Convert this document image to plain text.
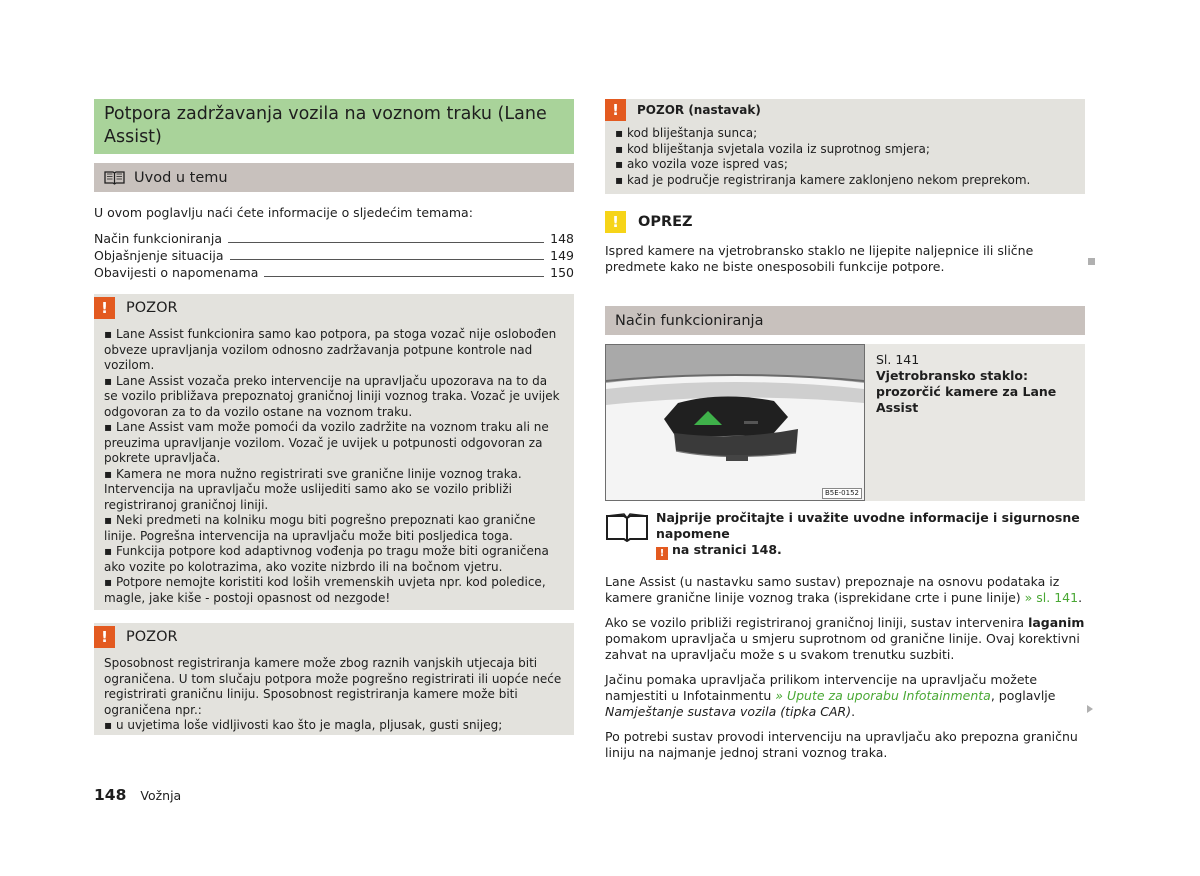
Potpora zadržavanja vozila na voznom traku (Lane Assist)
Uvod u temu
U ovom poglavlju naći ćete informacije o sljedećim temama:
Način funkcioniranja	148
Objašnjenje situacija	149
Obavijesti o napomenama	150
!	POZOR

▪ Lane Assist funkcionira samo kao potpora, pa stoga vozač nije oslobođen obveze upravljanja vozilom odnosno zadržavanja potpune kontrole nad vozilom.

▪ Lane Assist vozača preko intervencije na upravljaču upozorava na to da se vozilo približava prepoznatoj graničnoj liniji voznog traka. Vozač je uvijek odgovoran za to da vozilo ostane na voznom traku.

▪ Lane Assist vam može pomoći da vozilo zadržite na voznom traku ali ne preuzima upravljanje vozilom. Vozač je uvijek u potpunosti odgovoran za pokrete upravljača.

▪ Kamera ne mora nužno registrirati sve granične linije voznog traka. Intervencija na upravljaču može uslijediti samo ako se vozilo približi registriranoj graničnoj liniji.

▪ Neki predmeti na kolniku mogu biti pogrešno prepoznati kao granične linije. Pogrešna intervencija na upravljaču može biti posljedica toga.

▪ Funkcija potpore kod adaptivnog vođenja po tragu može biti ograničena ako vozite po kolotrazima, ako vozite nizbrdo ili na bočnom vjetru.

▪ Potpore nemojte koristiti kod loših vremenskih uvjeta npr. kod poledice, magle, jake kiše - postoji opasnost od nezgode!

!	POZOR

Sposobnost registriranja kamere može zbog raznih vanjskih utjecaja biti ograničena. U tom slučaju potpora može pogrešno registrirati ili uopće neće registrirati graničnu liniju. Sposobnost registriranja kamere može biti ograničena npr.:

▪ u uvjetima loše vidljivosti kao što je magla, pljusak, gusti snijeg;

148 Vožnja
!	POZOR (nastavak)
▪ kod bliještanja sunca;
▪ kod bliještanja svjetala vozila iz suprotnog smjera;
▪ ako vozila voze ispred vas;
▪ kad je područje registriranja kamere zaklonjeno nekom preprekom.
!	OPREZ
Ispred kamere na vjetrobransko staklo ne lijepite naljepnice ili slične predmete kako ne biste onesposobili funkcije potpore.
Način funkcioniranja
B5E-0152
Sl. 141
Vjetrobransko staklo: prozorčić kamere za Lane Assist
Najprije pročitajte i uvažite uvodne informacije i sigurnosne napomene
! na stranici 148.

Lane Assist (u nastavku samo sustav) prepoznaje na osnovu podataka iz kamere granične linije voznog traka (isprekidane crte i pune linije) » sl. 141.

Ako se vozilo približi registriranoj graničnoj liniji, sustav intervenira laganim pomakom upravljača u smjeru suprotnom od granične linije. Ovaj korektivni zahvat na upravljaču može s u svakom trenutku suzbiti.

Jačinu pomaka upravljača prilikom intervencije na upravljaču možete namjestiti u Infotainmentu » Upute za uporabu Infotainmenta, poglavlje Namještanje sustava vozila (tipka CAR).

Po potrebi sustav provodi intervenciju na upravljaču ako prepozna graničnu liniju na najmanje jednoj strani voznog traka.
